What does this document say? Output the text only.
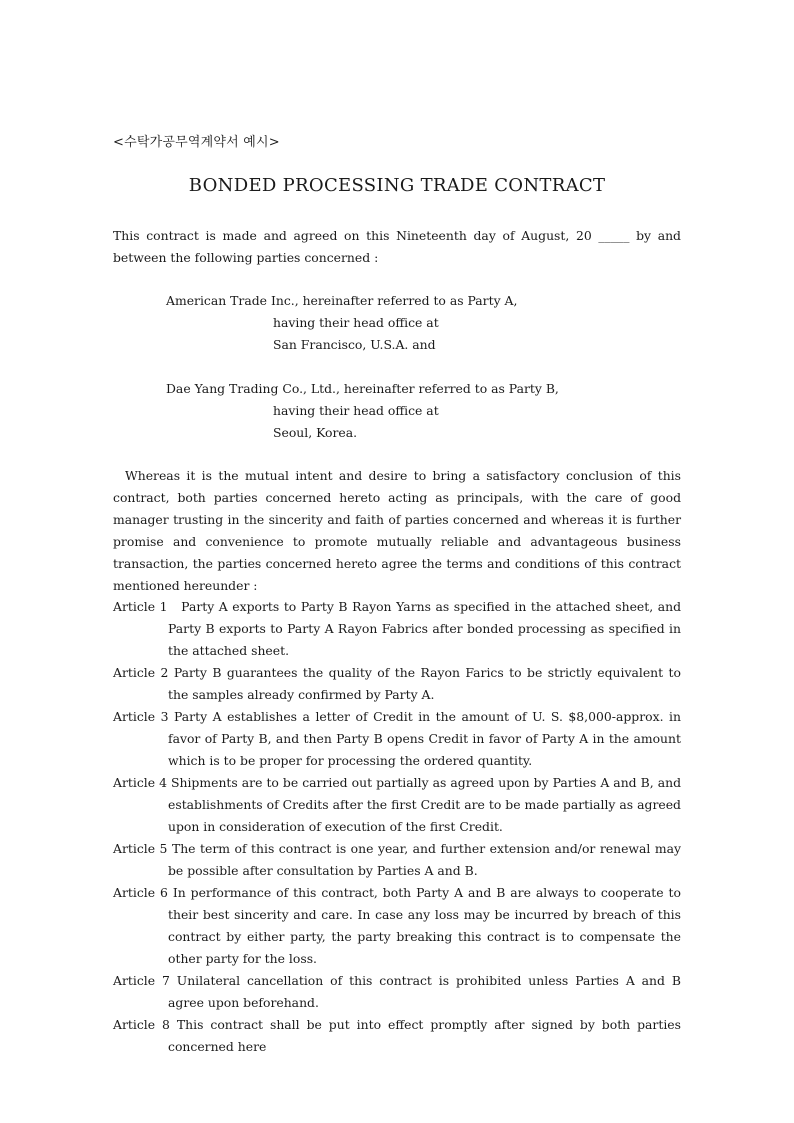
<수탁가공무역계약서 예시>
BONDED PROCESSING TRADE CONTRACT
This contract is made and agreed on this Nineteenth day of August, 20 _____ by and between the following parties concerned :
American Trade Inc., hereinafter referred to as Party A,
having their head office at
San Francisco, U.S.A. and
Dae Yang Trading Co., Ltd., hereinafter referred to as Party B,
having their head office at
Seoul, Korea.
Whereas it is the mutual intent and desire to bring a satisfactory conclusion of this contract, both parties concerned hereto acting as principals, with the care of good manager trusting in the sincerity and faith of parties concerned and whereas it is further promise and convenience to promote mutually reliable and advantageous business transaction, the parties concerned hereto agree the terms and conditions of this contract mentioned hereunder :
Article 1 Party A exports to Party B Rayon Yarns as specified in the attached sheet, and Party B exports to Party A Rayon Fabrics after bonded processing as specified in the attached sheet.
Article 2 Party B guarantees the quality of the Rayon Farics to be strictly equivalent to the samples already confirmed by Party A.
Article 3 Party A establishes a letter of Credit in the amount of U. S. $8,000-approx. in favor of Party B, and then Party B opens Credit in favor of Party A in the amount which is to be proper for processing the ordered quantity.
Article 4 Shipments are to be carried out partially as agreed upon by Parties A and B, and establishments of Credits after the first Credit are to be made partially as agreed upon in consideration of execution of the first Credit.
Article 5 The term of this contract is one year, and further extension and/or renewal may be possible after consultation by Parties A and B.
Article 6 In performance of this contract, both Party A and B are always to cooperate to their best sincerity and care. In case any loss may be incurred by breach of this contract by either party, the party breaking this contract is to compensate the other party for the loss.
Article 7 Unilateral cancellation of this contract is prohibited unless Parties A and B agree upon beforehand.
Article 8 This contract shall be put into effect promptly after signed by both parties concerned here
